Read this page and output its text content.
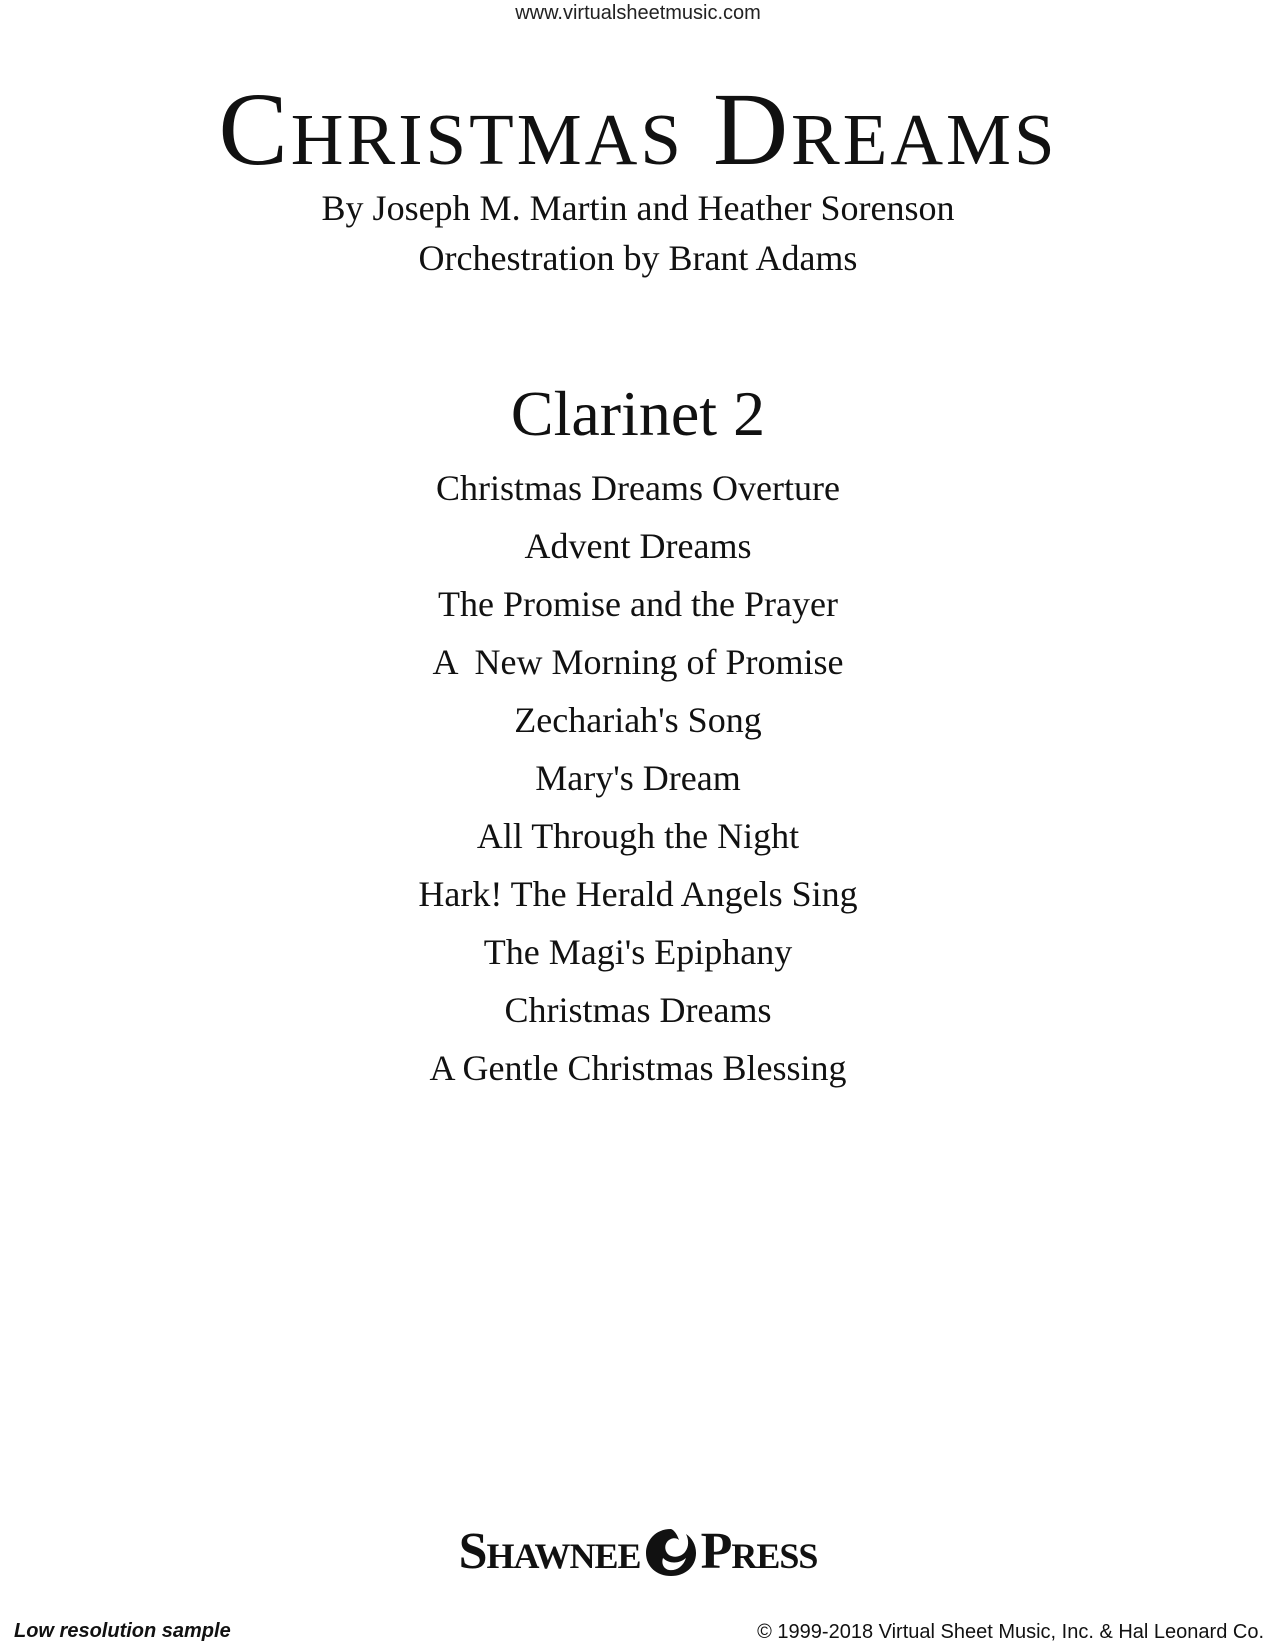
www.virtualsheetmusic.com
Christmas Dreams
By Joseph M. Martin and Heather Sorenson
Orchestration by Brant Adams
Clarinet 2
Christmas Dreams Overture
Advent Dreams
The Promise and the Prayer
A  New Morning of Promise
Zechariah's Song
Mary's Dream
All Through the Night
Hark! The Herald Angels Sing
The Magi's Epiphany
Christmas Dreams
A Gentle Christmas Blessing
Shawnee Press
Low resolution sample	© 1999-2018 Virtual Sheet Music, Inc. & Hal Leonard Co.
